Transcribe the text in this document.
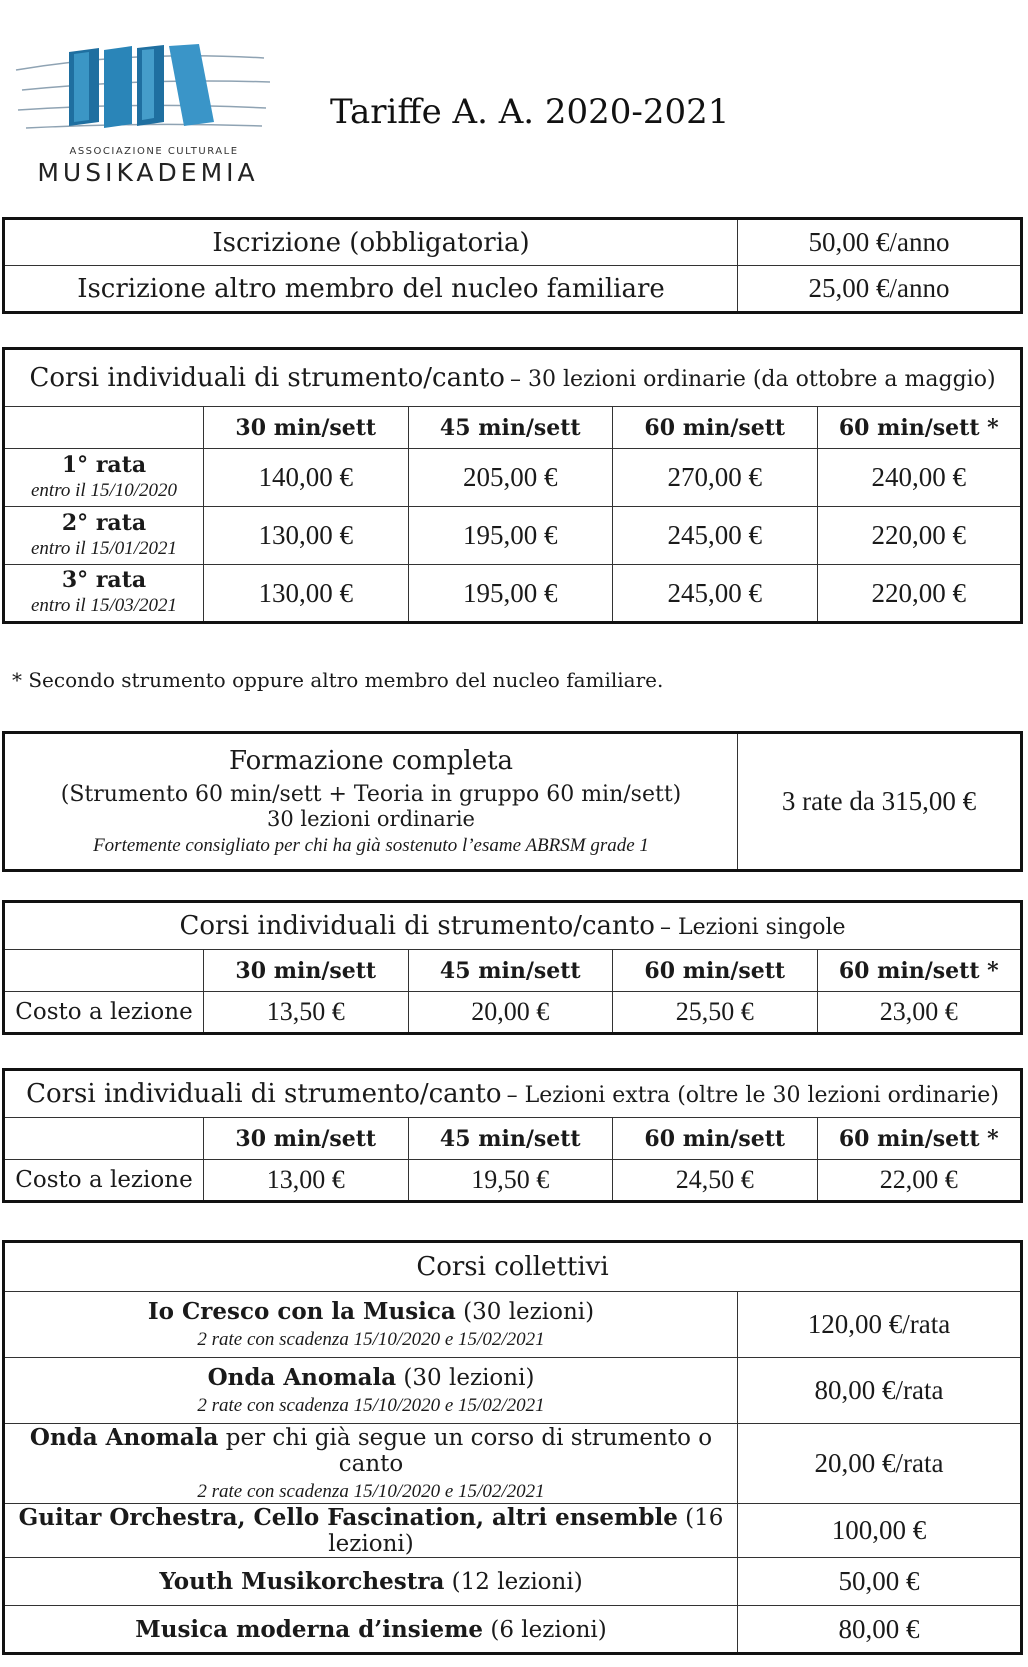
ASSOCIAZIONE CULTURALE
MUSIKADEMIA
Tariffe A. A. 2020-2021
Iscrizione (obbligatoria)	50,00 €/anno
Iscrizione altro membro del nucleo familiare	25,00 €/anno
Corsi individuali di strumento/canto – 30 lezioni ordinarie (da ottobre a maggio)				
	30 min/sett	45 min/sett	60 min/sett	60 min/sett *

1° rata
entro il 15/10/2020	140,00 €	205,00 €	270,00 €	240,00 €

2° rata
entro il 15/01/2021	130,00 €	195,00 €	245,00 €	220,00 €

3° rata
entro il 15/03/2021	130,00 €	195,00 €	245,00 €	220,00 €
* Secondo strumento oppure altro membro del nucleo familiare.
Formazione completa
(Strumento 60 min/sett + Teoria in gruppo 60 min/sett)
30 lezioni ordinarie
Fortemente consigliato per chi ha già sostenuto l’esame ABRSM grade 1
	3 rate da 315,00 €
Corsi individuali di strumento/canto – Lezioni singole				
	30 min/sett	45 min/sett	60 min/sett	60 min/sett *
Costo a lezione	13,50 €	20,00 €	25,50 €	23,00 €
Corsi individuali di strumento/canto – Lezioni extra (oltre le 30 lezioni ordinarie)				
	30 min/sett	45 min/sett	60 min/sett	60 min/sett *
Costo a lezione	13,00 €	19,50 €	24,50 €	22,00 €
Corsi collettivi	

Io Cresco con la Musica (30 lezioni)
2 rate con scadenza 15/10/2020 e 15/02/2021	120,00 €/rata

Onda Anomala (30 lezioni)
2 rate con scadenza 15/10/2020 e 15/02/2021	80,00 €/rata

Onda Anomala per chi già segue un corso di strumento o canto
2 rate con scadenza 15/10/2020 e 15/02/2021	20,00 €/rata
Guitar Orchestra, Cello Fascination, altri ensemble (16 lezioni)	100,00 €
Youth Musikorchestra (12 lezioni)	50,00 €
Musica moderna d’insieme (6 lezioni)	80,00 €
